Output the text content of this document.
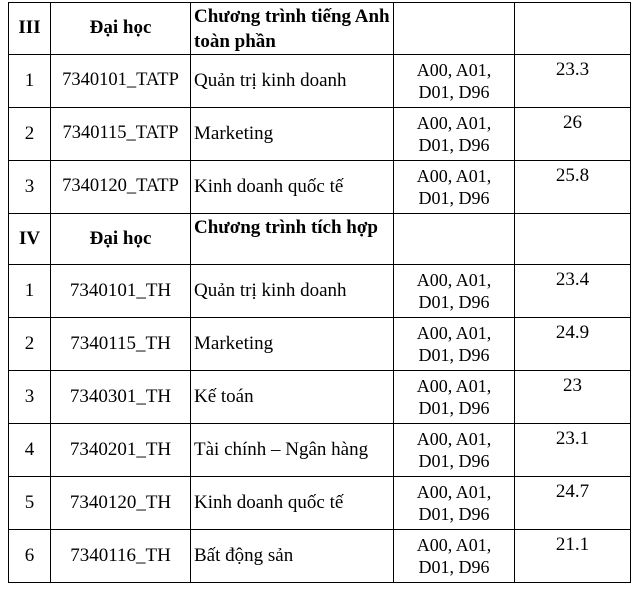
III	Đại học	Chương trình tiếng Anh toàn phần		

1	7340101_TATP	Quản trị kinh doanh	A00, A01,
D01, D96	23.3

2	7340115_TATP	Marketing	A00, A01,
D01, D96	26

3	7340120_TATP	Kinh doanh quốc tế	A00, A01,
D01, D96	25.8

IV	Đại học	Chương trình tích hợp		

1	7340101_TH	Quản trị kinh doanh	A00, A01,
D01, D96	23.4

2	7340115_TH	Marketing	A00, A01,
D01, D96	24.9

3	7340301_TH	Kế toán	A00, A01,
D01, D96	23

4	7340201_TH	Tài chính – Ngân hàng	A00, A01,
D01, D96	23.1

5	7340120_TH	Kinh doanh quốc tế	A00, A01,
D01, D96	24.7

6	7340116_TH	Bất động sản	A00, A01,
D01, D96	21.1
